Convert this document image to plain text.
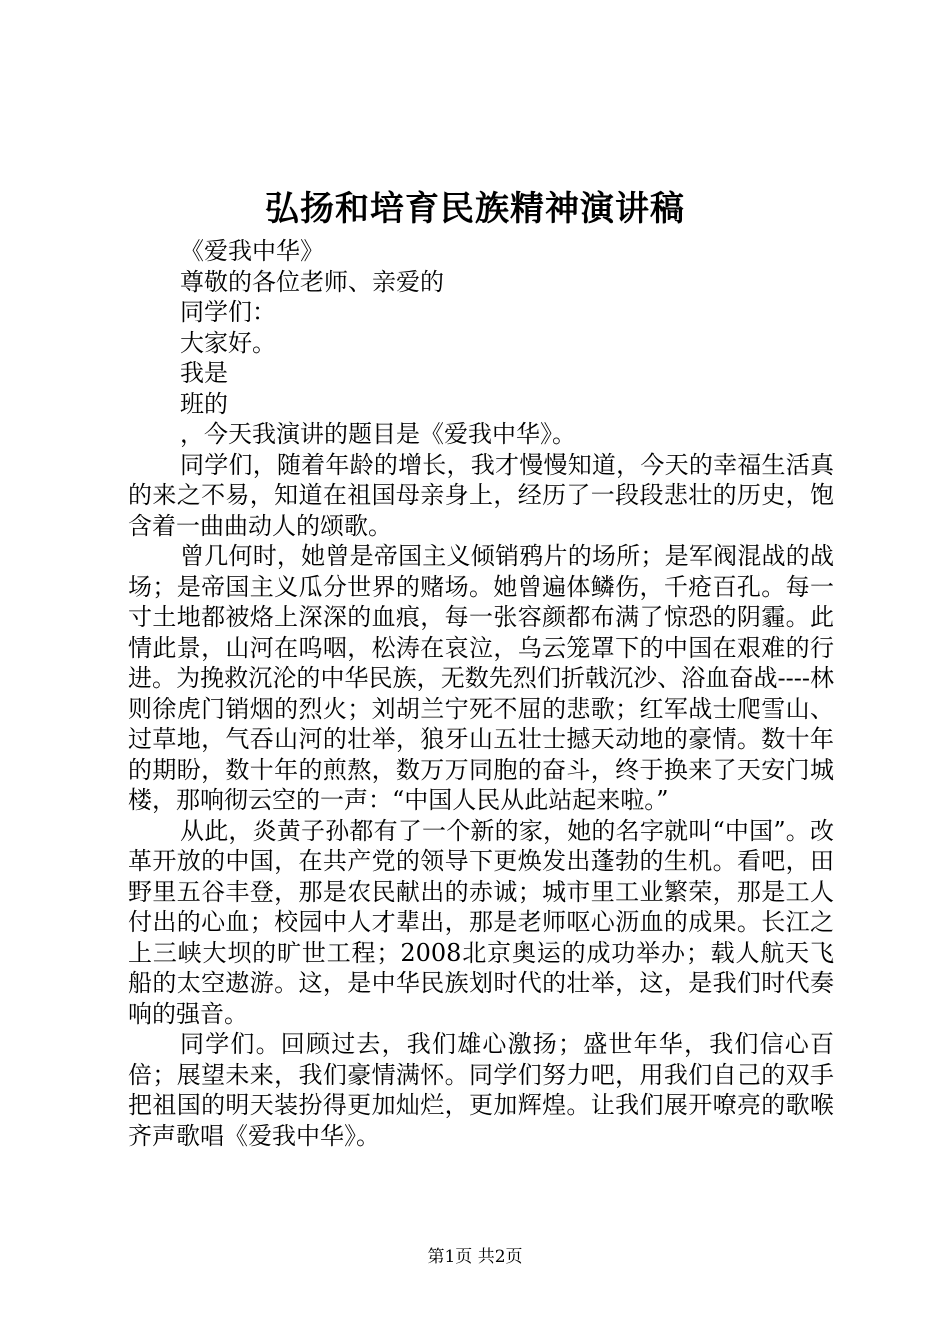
弘扬和培育民族精神演讲稿
《爱我中华》
尊敬的各位老师、亲爱的
同学们：
大家好。
我是
班的
，今天我演讲的题目是《爱我中华》。
同学们，随着年龄的增长，我才慢慢知道，今天的幸福生活真的来之不易，知道在祖国母亲身上，经历了一段段悲壮的历史，饱含着一曲曲动人的颂歌。
曾几何时，她曾是帝国主义倾销鸦片的场所；是军阀混战的战场；是帝国主义瓜分世界的赌场。她曾遍体鳞伤，千疮百孔。每一寸土地都被烙上深深的血痕，每一张容颜都布满了惊恐的阴霾。此情此景，山河在呜咽，松涛在哀泣，乌云笼罩下的中国在艰难的行进。为挽救沉沦的中华民族，无数先烈们折戟沉沙、浴血奋战----林则徐虎门销烟的烈火；刘胡兰宁死不屈的悲歌；红军战士爬雪山、过草地，气吞山河的壮举，狼牙山五壮士撼天动地的豪情。数十年的期盼，数十年的煎熬，数万万同胞的奋斗，终于换来了天安门城楼，那响彻云空的一声：“中国人民从此站起来啦。”
从此，炎黄子孙都有了一个新的家，她的名字就叫“中国”。改革开放的中国，在共产党的领导下更焕发出蓬勃的生机。看吧，田野里五谷丰登，那是农民献出的赤诚；城市里工业繁荣，那是工人付出的心血；校园中人才辈出，那是老师呕心沥血的成果。长江之上三峡大坝的旷世工程；2008北京奥运的成功举办；载人航天飞船的太空遨游。这，是中华民族划时代的壮举，这，是我们时代奏响的强音。
同学们。回顾过去，我们雄心激扬；盛世年华，我们信心百倍；展望未来，我们豪情满怀。同学们努力吧，用我们自己的双手把祖国的明天装扮得更加灿烂，更加辉煌。让我们展开嘹亮的歌喉齐声歌唱《爱我中华》。
第1页 共2页
